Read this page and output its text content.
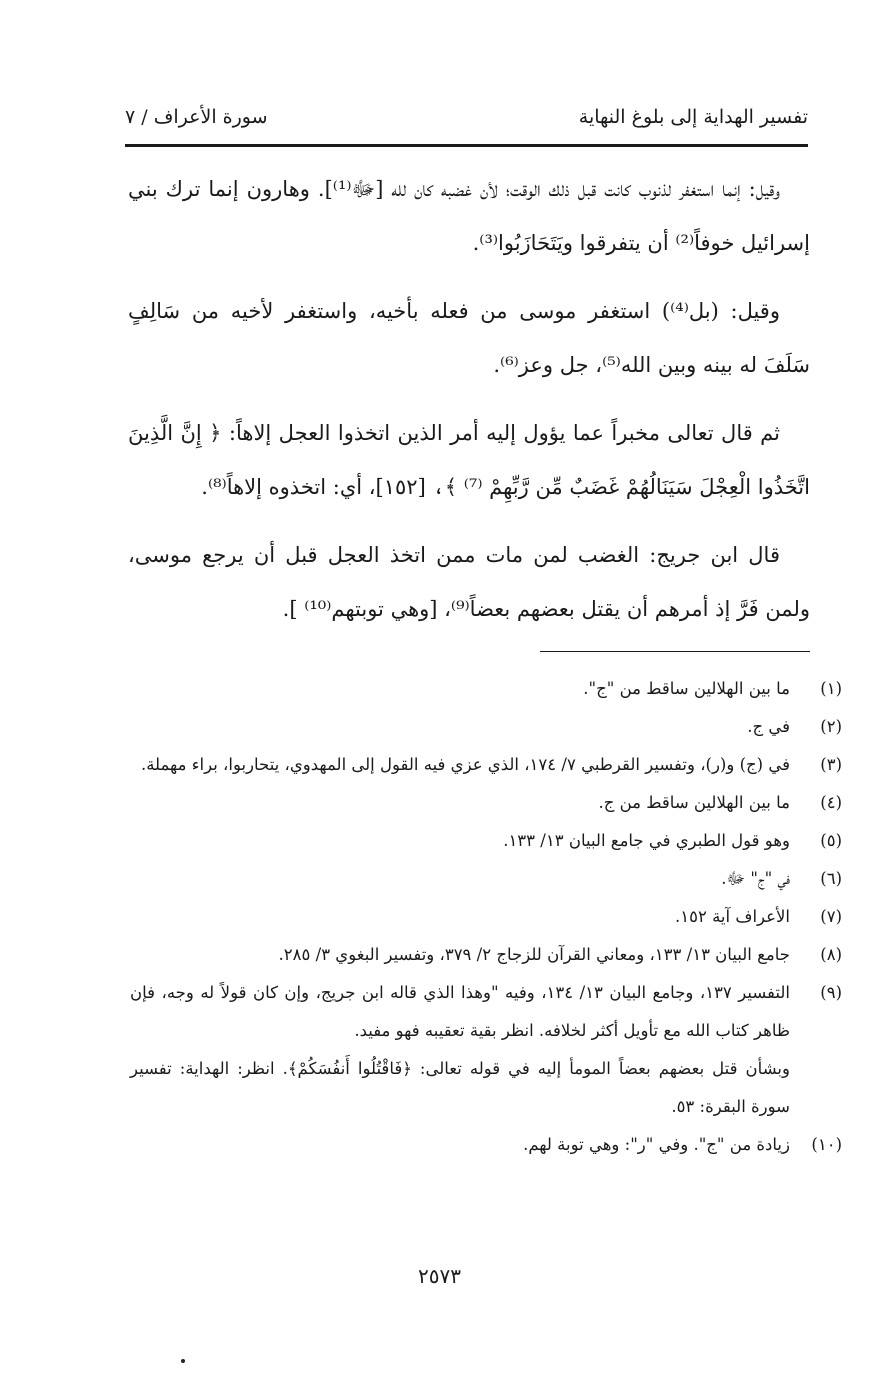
تفسير الهداية إلى بلوغ النهاية
سورة الأعراف / ٧

وقيل: إنما استغفر لذنوب كانت قبل ذلك الوقت؛ لأن غضبه كان لله [ﷻ⁽¹⁾]. وهارون إنما ترك بني إسرائيل خوفاً⁽²⁾ أن يتفرقوا ويَتَحَازَبُوا⁽³⁾.

وقيل: (بل⁽⁴⁾) استغفر موسى من فعله بأخيه، واستغفر لأخيه من سَالِفٍ سَلَفَ له بينه وبين الله⁽⁵⁾، جل وعز⁽⁶⁾.

ثم قال تعالى مخبراً عما يؤول إليه أمر الذين اتخذوا العجل إلاهاً: ﴿ إِنَّ الَّذِينَ اتَّخَذُوا الْعِجْلَ سَيَنَالُهُمْ غَضَبٌ مِّن رَّبِّهِمْ ⁽⁷⁾ ﴾، [١٥٢]، أي: اتخذوه إلاهاً⁽⁸⁾.

قال ابن جريج: الغضب لمن مات ممن اتخذ العجل قبل أن يرجع موسى، ولمن فَرَّ إذ أمرهم أن يقتل بعضهم بعضاً⁽⁹⁾، [وهي توبتهم⁽¹⁰⁾ ].

(١)
ما بين الهلالين ساقط من "ج".
(٢)
في ج.
(٣)
في (ج) و(ر)، وتفسير القرطبي ٧/ ١٧٤، الذي عزي فيه القول إلى المهدوي، يتحاربوا، براء مهملة.
(٤)
ما بين الهلالين ساقط من ج.
(٥)
وهو قول الطبري في جامع البيان ١٣/ ١٣٣.
(٦)
في "ج" ﷻ.
(٧)
الأعراف آية ١٥٢.
(٨)
جامع البيان ١٣/ ١٣٣، ومعاني القرآن للزجاج ٢/ ٣٧٩، وتفسير البغوي ٣/ ٢٨٥.
(٩)
التفسير ١٣٧، وجامع البيان ١٣/ ١٣٤، وفيه "وهذا الذي قاله ابن جريج، وإن كان قولاً له وجه، فإن ظاهر كتاب الله مع تأويل أكثر لخلافه. انظر بقية تعقيبه فهو مفيد.
وبشأن قتل بعضهم بعضاً المومأ إليه في قوله تعالى: ﴿فَاقْتُلُوا أَنفُسَكُمْ﴾. انظر: الهداية: تفسير سورة البقرة: ٥٣.
(١٠)
زيادة من "ج". وفي "ر": وهي توبة لهم.
٢٥٧٣
